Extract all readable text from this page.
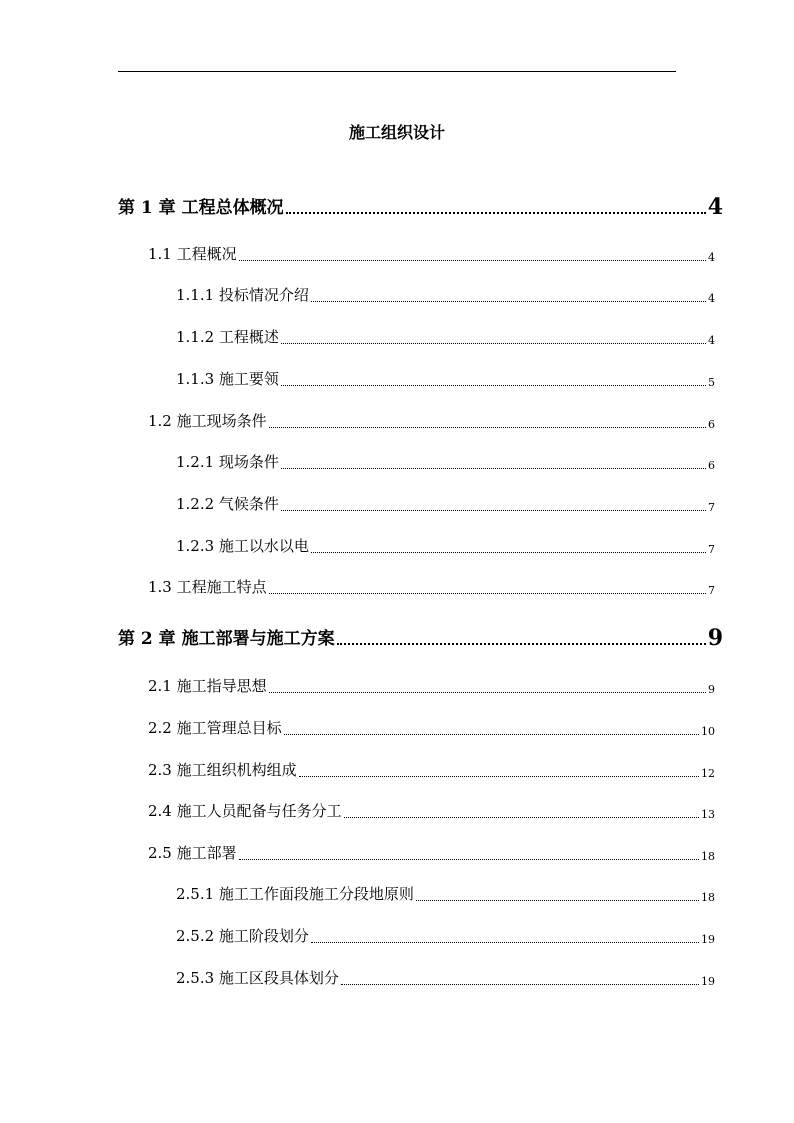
施工组织设计
第 1 章 工程总体概况	4
1.1 工程概况	4
1.1.1 投标情况介绍	4
1.1.2 工程概述	4
1.1.3 施工要领	5
1.2 施工现场条件	6
1.2.1 现场条件	6
1.2.2 气候条件	7
1.2.3 施工以水以电	7
1.3 工程施工特点	7
第 2 章 施工部署与施工方案	9
2.1 施工指导思想	9
2.2 施工管理总目标	10
2.3 施工组织机构组成	12
2.4 施工人员配备与任务分工	13
2.5 施工部署	18
2.5.1 施工工作面段施工分段地原则	18
2.5.2 施工阶段划分	19
2.5.3 施工区段具体划分	19
